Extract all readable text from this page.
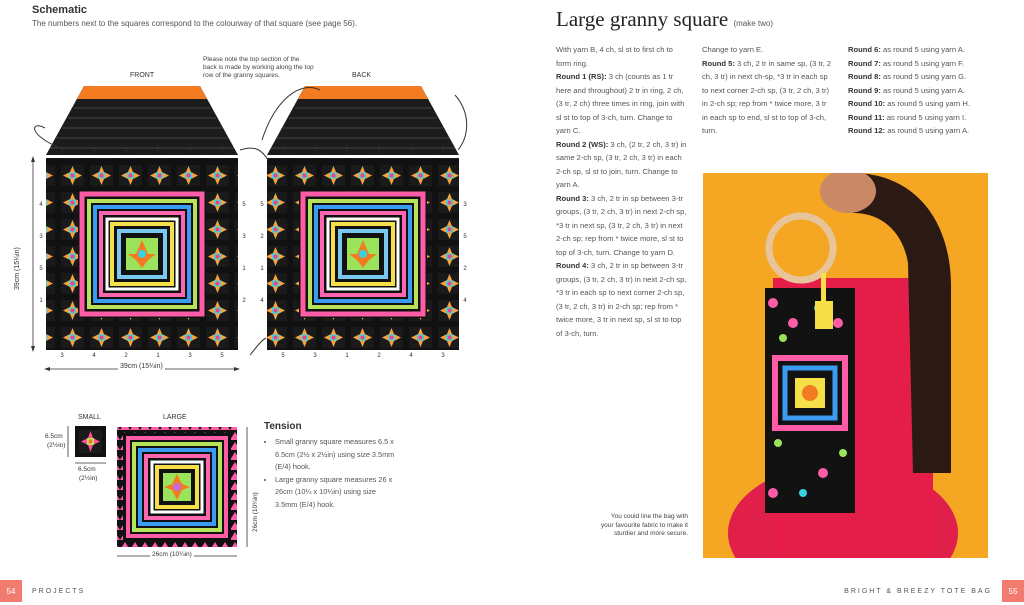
Schematic
The numbers next to the squares correspond to the colourway of that square (see page 56).
Please note the top section of the back is made by working along the top row of the granny squares.
FRONT	BACK
3	1	1	2	4	5
3	4	2	1	3	5
4
3
5
1
5
3
1
2
5	1	2	3	4	3
5	3	1	2	4	3
5
2
1
4
3
5
2
4
39cm (15¼in)
39cm (15¼in)
SMALL	LARGE
6.5cm
(2½in)
6.5cm
(2½in)
26cm (10¼in)
26cm (10¼in)
Tension
• Small granny square measures 6.5 x 6.5cm (2½ x 2½in) using size 3.5mm (E/4) hook.
• Large granny square measures 26 x 26cm (10¼ x 10¼in) using size 3.5mm (E/4) hook.
Large granny square (make two)
With yarn B, 4 ch, sl st to first ch to form ring.
Round 1 (RS): 3 ch (counts as 1 tr here and throughout) 2 tr in ring, 2 ch, (3 tr, 2 ch) three times in ring, join with sl st to top of 3-ch, turn. Change to yarn C.
Round 2 (WS): 3 ch, (2 tr, 2 ch, 3 tr) in same 2-ch sp, (3 tr, 2 ch, 3 tr) in each 2-ch sp, sl st to join, turn. Change to yarn A.
Round 3: 3 ch, 2 tr in sp between 3-tr groups, (3 tr, 2 ch, 3 tr) in next 2-ch sp, *3 tr in next sp, (3 tr, 2 ch, 3 tr) in next 2-ch sp; rep from * twice more, sl st to top of 3-ch, turn. Change to yarn D.
Round 4: 3 ch, 2 tr in sp between 3-tr groups, (3 tr, 2 ch, 3 tr) in next 2-ch sp, *3 tr in each sp to next corner 2-ch sp, (3 tr, 2 ch, 3 tr) in 2-ch sp; rep from * twice more, 3 tr in next sp, sl st to top of 3-ch, turn.
Change to yarn E.
Round 5: 3 ch, 2 tr in same sp, (3 tr, 2 ch, 3 tr) in next ch-sp, *3 tr in each sp to next corner 2-ch sp, (3 tr, 2 ch, 3 tr) in 2-ch sp; rep from * twice more, 3 tr in each sp to end, sl st to top of 3-ch, turn.
Round 6: as round 5 using yarn A.
Round 7: as round 5 using yarn F.
Round 8: as round 5 using yarn G.
Round 9: as round 5 using yarn A.
Round 10: as round 5 using yarn H.
Round 11: as round 5 using yarn I.
Round 12: as round 5 using yarn A.
You could line the bag with your favourite fabric to make it sturdier and more secure.
54	PROJECTS	BRIGHT & BREEZY TOTE BAG	55
